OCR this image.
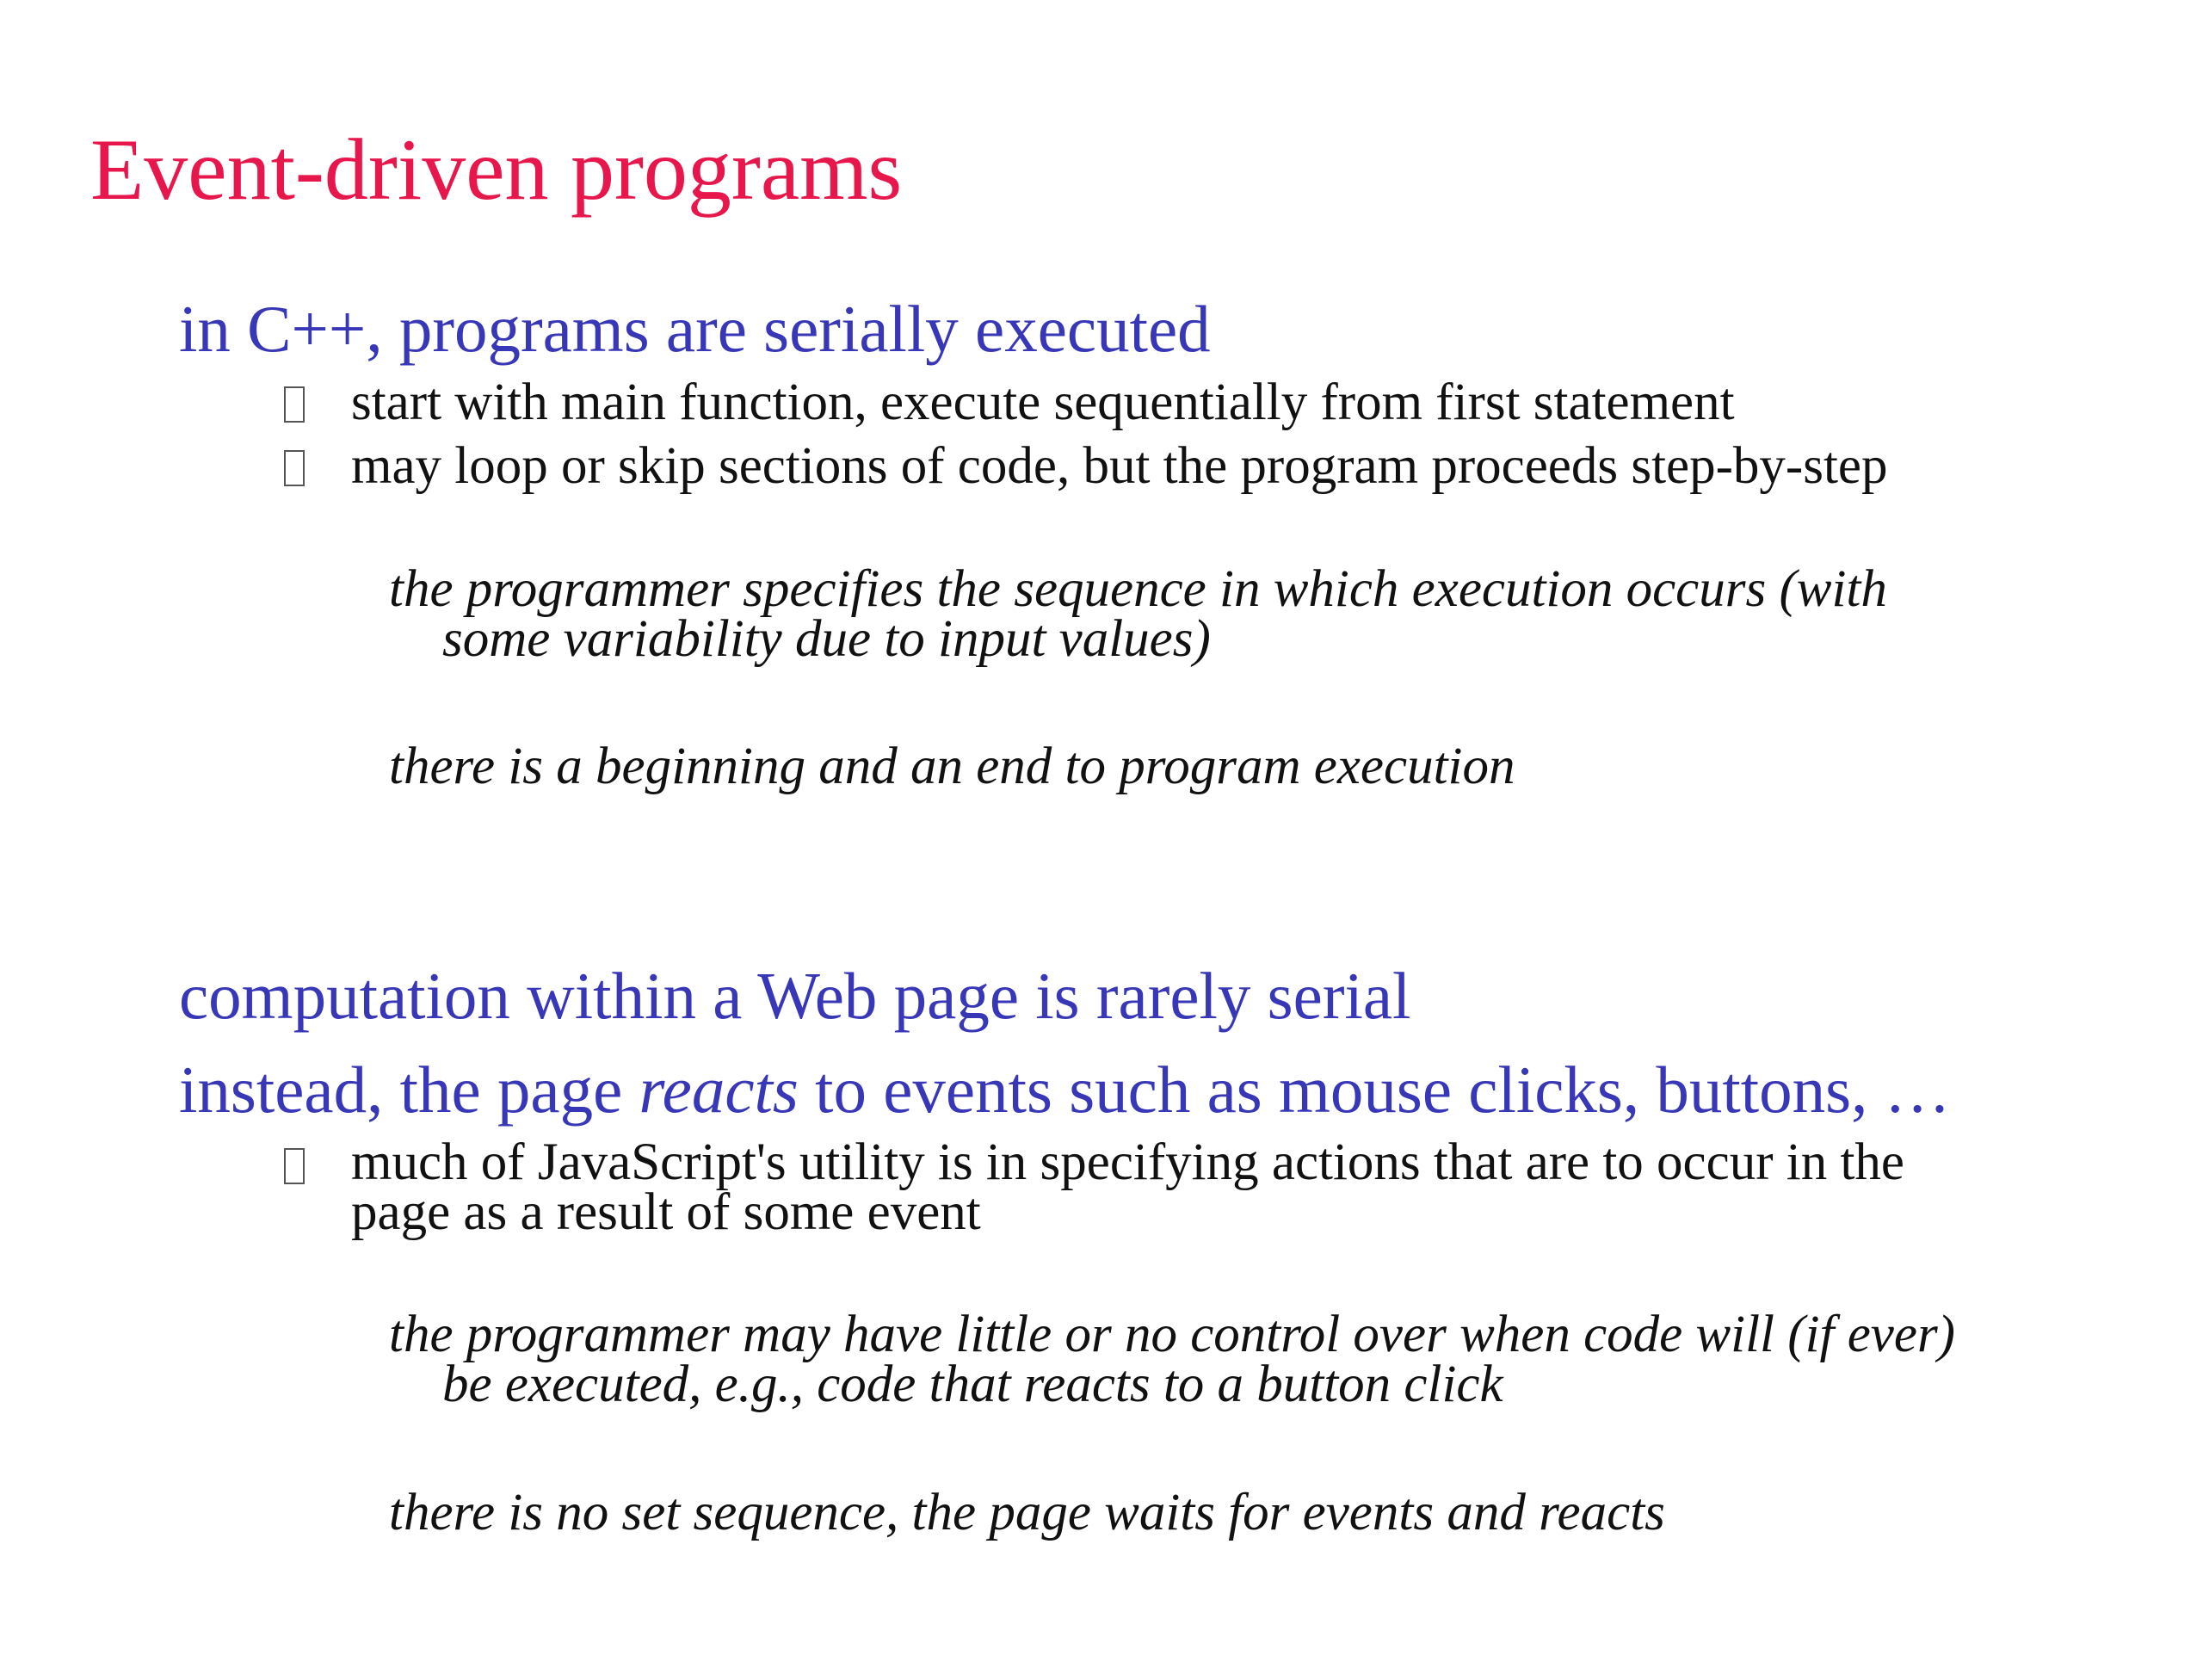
Event-driven programs

in C++, programs are serially executed

start with main function, execute sequentially from first statement
may loop or skip sections of code, but the program proceeds step-by-step

the programmer specifies the sequence in which execution occurs (with
some variability due to input values)

there is a beginning and an end to program execution

computation within a Web page is rarely serial

instead, the page reacts to events such as mouse clicks, buttons, …

much of JavaScript's utility is in specifying actions that are to occur in the
page as a result of some event

the programmer may have little or no control over when code will (if ever)
be executed, e.g., code that reacts to a button click

there is no set sequence, the page waits for events and reacts
